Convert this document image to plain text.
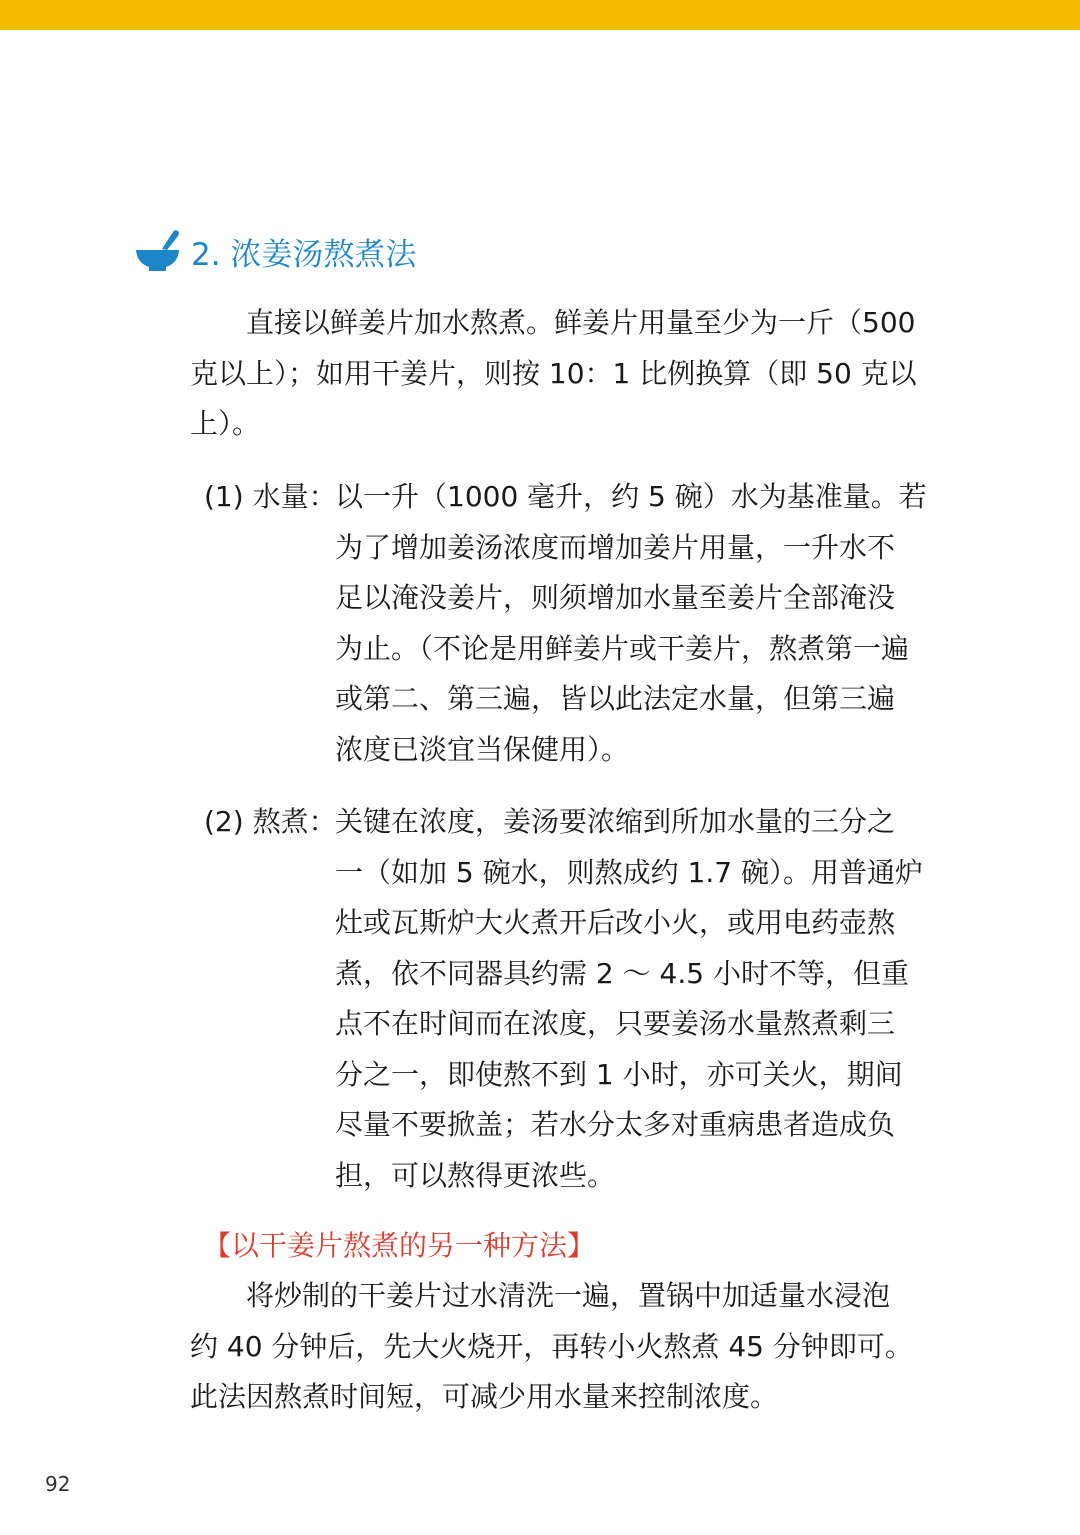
2. 浓姜汤熬煮法
　　直接以鲜姜片加水熬煮。鲜姜片用量至少为一斤（500
克以上）；如用干姜片，则按 10：1 比例换算（即 50 克以
上）。
(1) 水量：
以一升（1000 毫升，约 5 碗）水为基准量。若
为了增加姜汤浓度而增加姜片用量，一升水不
足以淹没姜片，则须增加水量至姜片全部淹没
为止。（不论是用鲜姜片或干姜片，熬煮第一遍
或第二、第三遍，皆以此法定水量，但第三遍
浓度已淡宜当保健用）。
(2) 熬煮：
关键在浓度，姜汤要浓缩到所加水量的三分之
一（如加 5 碗水，则熬成约 1.7 碗）。用普通炉
灶或瓦斯炉大火煮开后改小火，或用电药壶熬
煮，依不同器具约需 2 ～ 4.5 小时不等，但重
点不在时间而在浓度，只要姜汤水量熬煮剩三
分之一，即使熬不到 1 小时，亦可关火，期间
尽量不要掀盖；若水分太多对重病患者造成负
担，可以熬得更浓些。
【以干姜片熬煮的另一种方法】
　　将炒制的干姜片过水清洗一遍，置锅中加适量水浸泡
约 40 分钟后，先大火烧开，再转小火熬煮 45 分钟即可。
此法因熬煮时间短，可减少用水量来控制浓度。
92
